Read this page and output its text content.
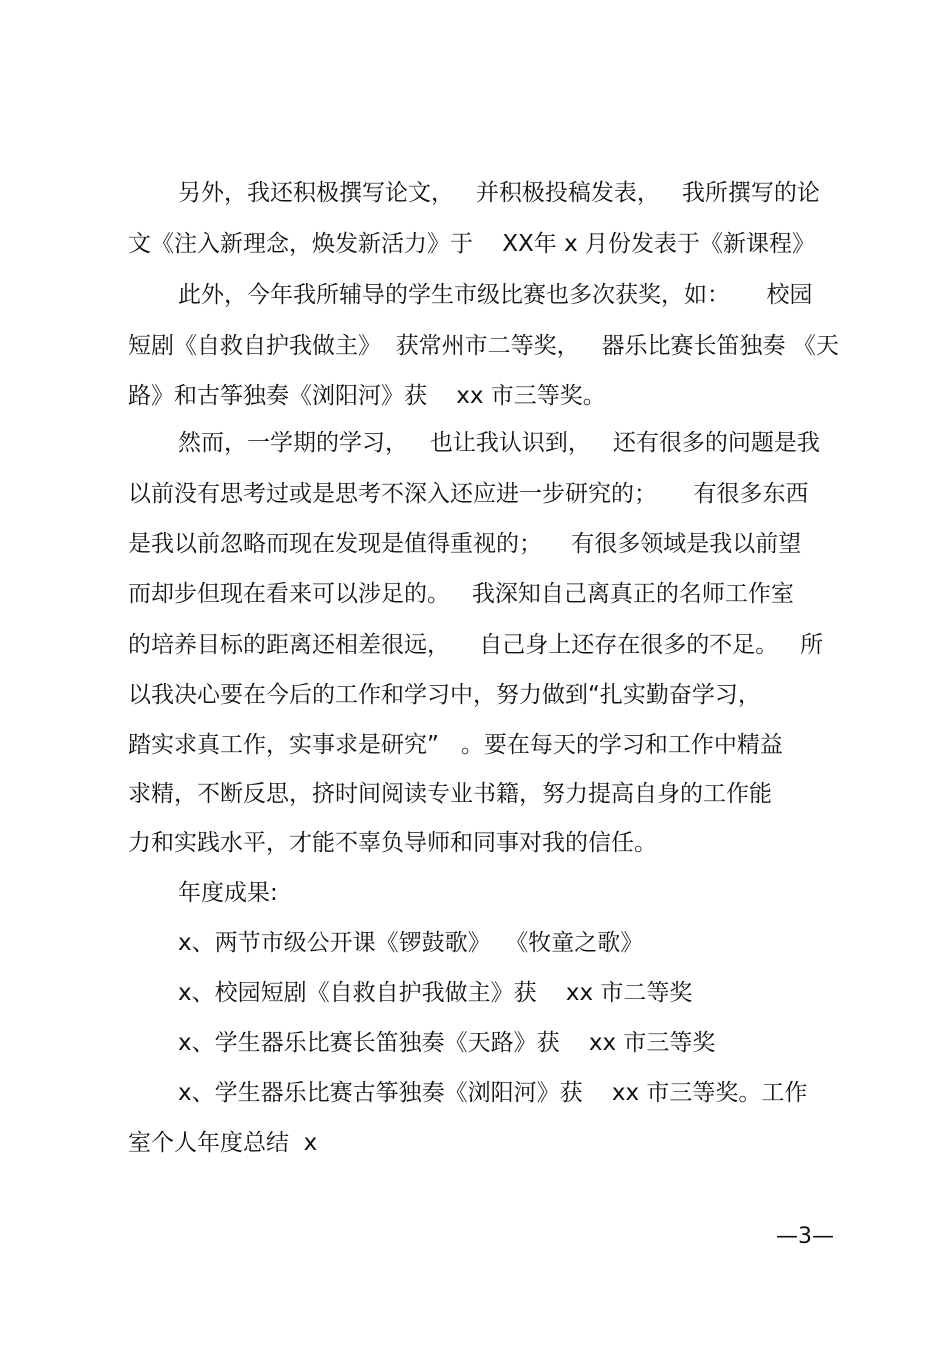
另外，我还积极撰写论文，   并积极投稿发表，   我所撰写的论
文《注入新理念，焕发新活力》于    XX年 x 月份发表于《新课程》
此外，今年我所辅导的学生市级比赛也多次获奖，如：     校园
短剧《自救自护我做主》  获常州市二等奖，   器乐比赛长笛独奏 《天
路》和古筝独奏《浏阳河》获    xx 市三等奖。
然而，一学期的学习，   也让我认识到，   还有很多的问题是我
以前没有思考过或是思考不深入还应进一步研究的；     有很多东西
是我以前忽略而现在发现是值得重视的；    有很多领域是我以前望
而却步但现在看来可以涉足的。   我深知自己离真正的名师工作室
的培养目标的距离还相差很远，    自己身上还存在很多的不足。   所
以我决心要在今后的工作和学习中，努力做到“扎实勤奋学习，
踏实求真工作，实事求是研究”   。要在每天的学习和工作中精益
求精，不断反思，挤时间阅读专业书籍，努力提高自身的工作能
力和实践水平，才能不辜负导师和同事对我的信任。
年度成果:
x、两节市级公开课《锣鼓歌》  《牧童之歌》
x、校园短剧《自救自护我做主》获    xx 市二等奖
x、学生器乐比赛长笛独奏《天路》获    xx 市三等奖
x、学生器乐比赛古筝独奏《浏阳河》获    xx 市三等奖。工作
室个人年度总结  x
—3—
